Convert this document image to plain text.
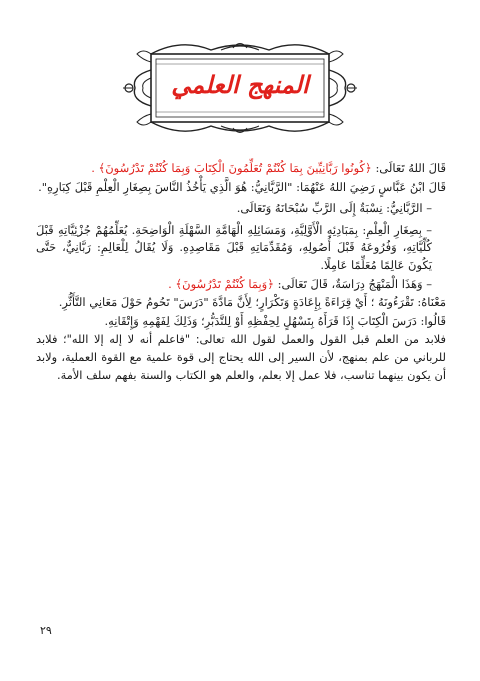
المنهج العلمي

قَالَ اللهُ تَعَالَى: ﴿كُونُوا رَبَّانِيِّينَ بِمَا كُنْتُمْ تُعَلِّمُونَ الْكِتَابَ وَبِمَا كُنْتُمْ تَدْرُسُونَ﴾ .

قَالَ ابْنُ عَبَّاسٍ رَضِيَ اللهُ عَنْهُمَا: "الرَّبَّانِيُّ: هُوَ الَّذِي يَأْخُذُ النَّاسَ بِصِغَارِ الْعِلْمِ قَبْلَ كِبَارِهِ".

– الرَّبَّانِيُّ: نِسْبَةٌ إِلَى الرَّبِّ سُبْحَانَهُ وَتَعَالَى.

– بِصِغَارِ الْعِلْمِ: بِمَبَادِئِهِ الْأَوَّلِيَّةِ، وَمَسَائِلِهِ الْهَامَّةِ السَّهْلَةِ الْوَاضِحَةِ. يُعَلِّمُهُمْ جُزْئِيَّاتِهِ قَبْلَ كُلِّيَّاتِهِ، وَفُرُوعَهُ قَبْلَ أُصُولِهِ، وَمُقَدِّمَاتِهِ قَبْلَ مَقَاصِدِهِ. وَلَا يُقَالُ لِلْعَالِمِ: رَبَّانِيٌّ، حَتَّى يَكُونَ عَالِمًا مُعَلِّمًا عَامِلًا.

– وَهَذَا الْمَنْهَجُ دِرَاسَةٌ، قَالَ تَعَالَى: ﴿وَبِمَا كُنْتُمْ تَدْرُسُونَ﴾ .

مَعْنَاهُ: تَقْرَءُونَهُ ؛ أَيْ قِرَاءَةً بِإِعَادَةٍ وَتَكْرَارٍ؛ لِأَنَّ مَادَّةَ "دَرَسَ" تَحُومُ حَوْلَ مَعَانِي التَّأَثُّرِ.

قَالُوا: دَرَسَ الْكِتَابَ إِذَا قَرَأَهُ بِتَسْهُلٍ لِحِفْظِهِ أَوْ لِلتَّدَبُّرِ؛ وَذَلِكَ لِفَهْمِهِ وَإِتْقَانِهِ.

فلابد من العلم قبل القول والعمل لقول الله تعالى: "فاعلم أنه لا إله إلا الله"؛ فلابد للرباني من علم بمنهج، لأن السير إلى الله يحتاج إلى قوة علمية مع القوة العملية، ولابد أن يكون بينهما تناسب، فلا عمل إلا بعلم، والعلم هو الكتاب والسنة بفهم سلف الأمة.

٢٩
